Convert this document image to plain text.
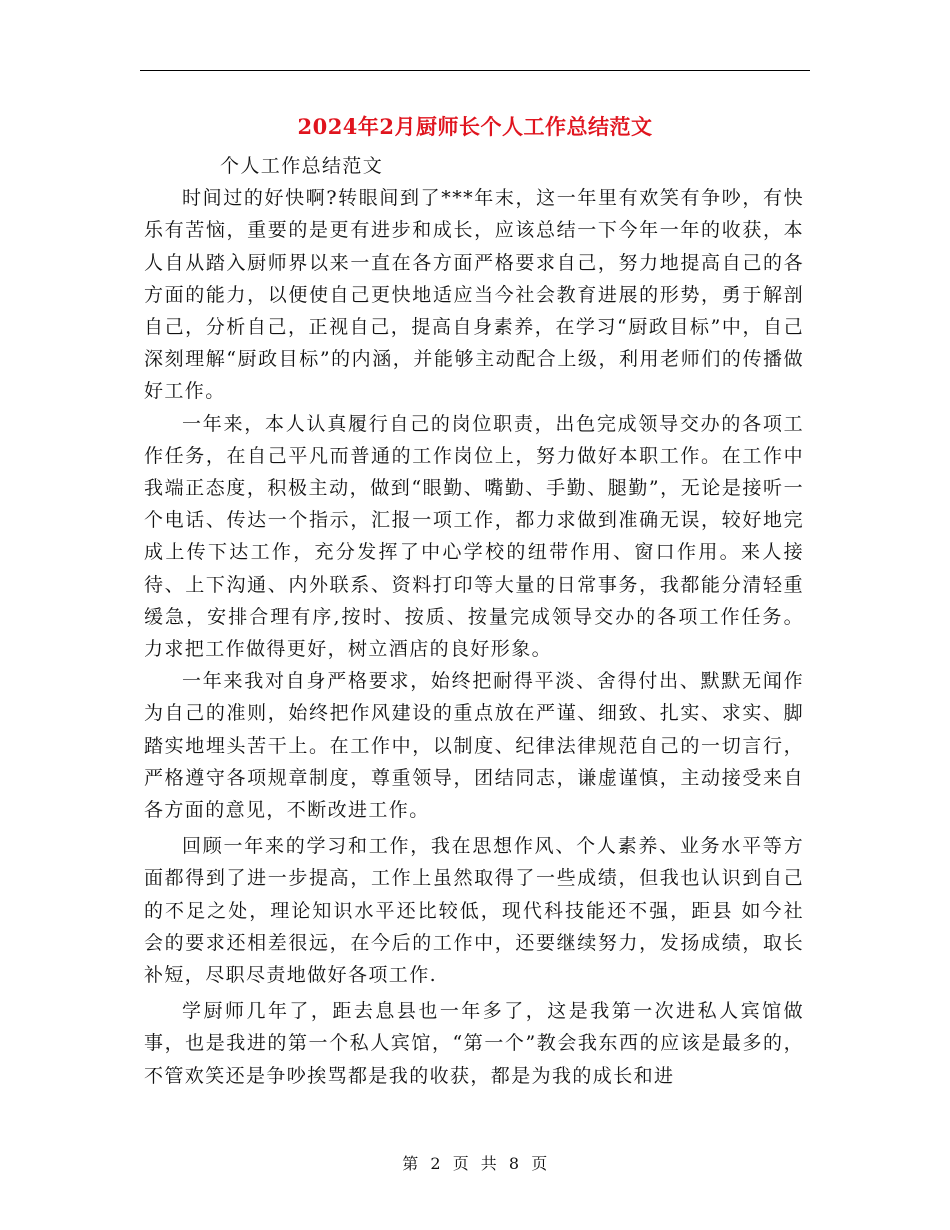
2024年2月厨师长个人工作总结范文

个人工作总结范文

时间过的好快啊?转眼间到了***年末，这一年里有欢笑有争吵，有快乐有苦恼，重要的是更有进步和成长，应该总结一下今年一年的收获，本人自从踏入厨师界以来一直在各方面严格要求自己，努力地提高自己的各方面的能力，以便使自己更快地适应当今社会教育进展的形势，勇于解剖自己，分析自己，正视自己，提高自身素养，在学习“厨政目标”中，自己深刻理解“厨政目标”的内涵，并能够主动配合上级，利用老师们的传播做好工作。

一年来，本人认真履行自己的岗位职责，出色完成领导交办的各项工作任务，在自己平凡而普通的工作岗位上，努力做好本职工作。在工作中我端正态度，积极主动，做到“眼勤、嘴勤、手勤、腿勤”，无论是接听一个电话、传达一个指示，汇报一项工作，都力求做到准确无误，较好地完成上传下达工作，充分发挥了中心学校的纽带作用、窗口作用。来人接待、上下沟通、内外联系、资料打印等大量的日常事务，我都能分清轻重缓急，安排合理有序,按时、按质、按量完成领导交办的各项工作任务。力求把工作做得更好，树立酒店的良好形象。

一年来我对自身严格要求，始终把耐得平淡、舍得付出、默默无闻作为自己的准则，始终把作风建设的重点放在严谨、细致、扎实、求实、脚踏实地埋头苦干上。在工作中，以制度、纪律法律规范自己的一切言行，严格遵守各项规章制度，尊重领导，团结同志，谦虚谨慎，主动接受来自各方面的意见，不断改进工作。

回顾一年来的学习和工作，我在思想作风、个人素养、业务水平等方面都得到了进一步提高，工作上虽然取得了一些成绩，但我也认识到自己的不足之处，理论知识水平还比较低，现代科技能还不强，距县 如今社会的要求还相差很远，在今后的工作中，还要继续努力，发扬成绩，取长补短，尽职尽责地做好各项工作.

学厨师几年了，距去息县也一年多了，这是我第一次进私人宾馆做事，也是我进的第一个私人宾馆，“第一个”教会我东西的应该是最多的，不管欢笑还是争吵挨骂都是我的收获，都是为我的成长和进

第 2 页 共 8 页
